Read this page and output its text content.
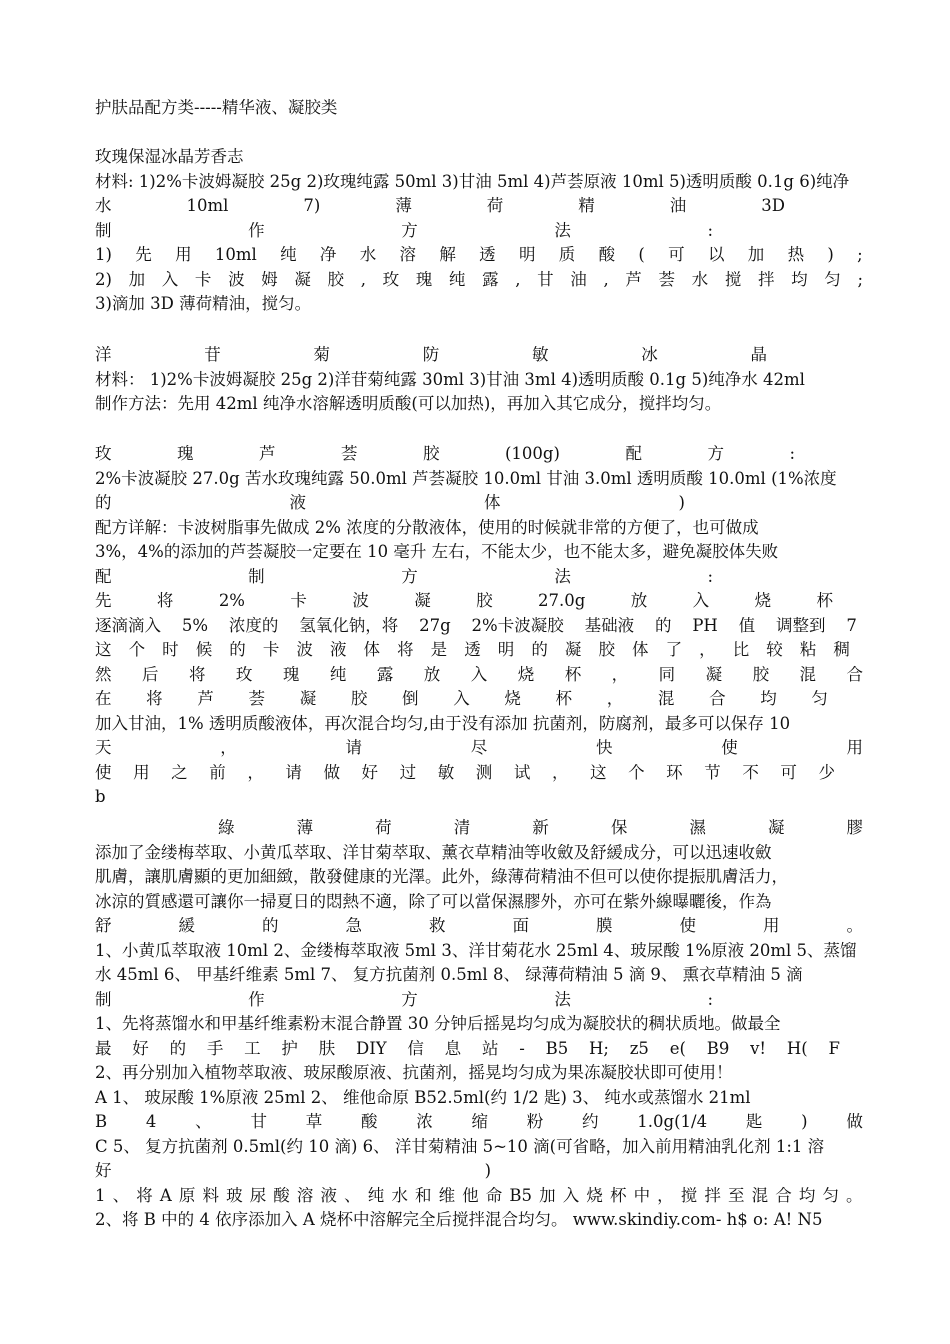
护肤品配方类-----精华液、凝胶类
玫瑰保湿冰晶芳香志
材料: 1)2%卡波姆凝胶 25g 2)玫瑰纯露 50ml 3)甘油 5ml 4)芦荟原液 10ml 5)透明质酸 0.1g 6)纯净
水	10ml	7)	薄	荷	精	油	3D
制	作	方	法	:
1) 先 用 10ml 纯 净 水 溶 解 透 明 质 酸 ( 可 以 加 热 ) ;
2) 加 入 卡 波 姆 凝 胶 , 玫 瑰 纯 露 , 甘 油 , 芦 荟 水 搅 拌 均 匀 ;
3)滴加 3D 薄荷精油，搅匀。
洋	苷	菊	防	敏	冰	晶
材料： 1)2%卡波姆凝胶 25g 2)洋苷菊纯露 30ml 3)甘油 3ml 4)透明质酸 0.1g 5)纯净水 42ml
制作方法：先用 42ml 纯净水溶解透明质酸(可以加热)，再加入其它成分，搅拌均匀。
玫	瑰	芦	荟	胶	(100g)	配	方	:
2%卡波凝胶 27.0g 苦水玫瑰纯露 50.0ml 芦荟凝胶 10.0ml 甘油 3.0ml 透明质酸 10.0ml (1%浓度
的	液	体	)
配方详解：卡波树脂事先做成 2% 浓度的分散液体，使用的时候就非常的方便了，也可做成
3%，4%的添加的芦荟凝胶一定要在 10 毫升 左右，不能太少，也不能太多，避免凝胶体失败
配	制	方	法	:
先	将	2%	卡	波	凝	胶	27.0g	放	入	烧	杯
逐滴滴入 5% 浓度的 氢氧化钠，将 27g 2%卡波凝胶 基础液 的 PH 值 调整到 7
这 个 时 候 的 卡 波 液 体 将 是 透 明 的 凝 胶 体 了 ， 比 较 粘 稠
然 后 将 玫 瑰 纯 露 放 入 烧 杯 ， 同 凝 胶 混 合
在 将 芦 荟 凝 胶 倒 入 烧 杯 ， 混 合 均 匀
加入甘油，1% 透明质酸液体，再次混合均匀,由于没有添加 抗菌剂，防腐剂，最多可以保存 10
天	，	请	尽	快	使	用
使 用 之 前 ， 请 做 好 过 敏 测 试 ， 这 个 环 节 不 可 少
b
綠	薄	荷	清	新	保	濕	凝	膠
添加了金缕梅萃取、小黄瓜萃取、洋甘菊萃取、薰衣草精油等收斂及舒緩成分，可以迅速收斂
肌膚，讓肌膚顯的更加細緻，散發健康的光澤。此外，綠薄荷精油不但可以使你提振肌膚活力，
冰涼的質感還可讓你一掃夏日的悶熱不適，除了可以當保濕膠外，亦可在紫外線曝曬後，作為
舒	緩	的	急	救	面	膜	使	用	。
1、小黄瓜萃取液 10ml 2、金缕梅萃取液 5ml 3、洋甘菊花水 25ml 4、玻尿酸 1%原液 20ml 5、蒸馏
水 45ml 6、 甲基纤维素 5ml 7、 复方抗菌剂 0.5ml 8、 绿薄荷精油 5 滴 9、 熏衣草精油 5 滴
制	作	方	法	:
1、先将蒸馏水和甲基纤维素粉末混合静置 30 分钟后摇晃均匀成为凝胶状的稠状质地。做最全
最 好 的 手 工 护 肤 DIY 信 息 站 - B5 H; z5 e( B9 v! H( F
2、再分别加入植物萃取液、玻尿酸原液、抗菌剂，摇晃均匀成为果冻凝胶状即可使用！
A 1、 玻尿酸 1%原液 25ml 2、 维他命原 B52.5ml(约 1/2 匙) 3、 纯水或蒸馏水 21ml
B 4 、 甘 草 酸 浓 缩 粉 约 1.0g(1/4 匙 ) 做
C 5、 复方抗菌剂 0.5ml(约 10 滴) 6、 洋甘菊精油 5~10 滴(可省略，加入前用精油乳化剂 1:1 溶
好	)
1 、 将 A 原 料 玻 尿 酸 溶 液 、 纯 水 和 维 他 命 B5 加 入 烧 杯 中 ， 搅 拌 至 混 合 均 匀 。
2、将 B 中的 4 依序添加入 A 烧杯中溶解完全后搅拌混合均匀。 www.skindiy.com- h$ o: A! N5
